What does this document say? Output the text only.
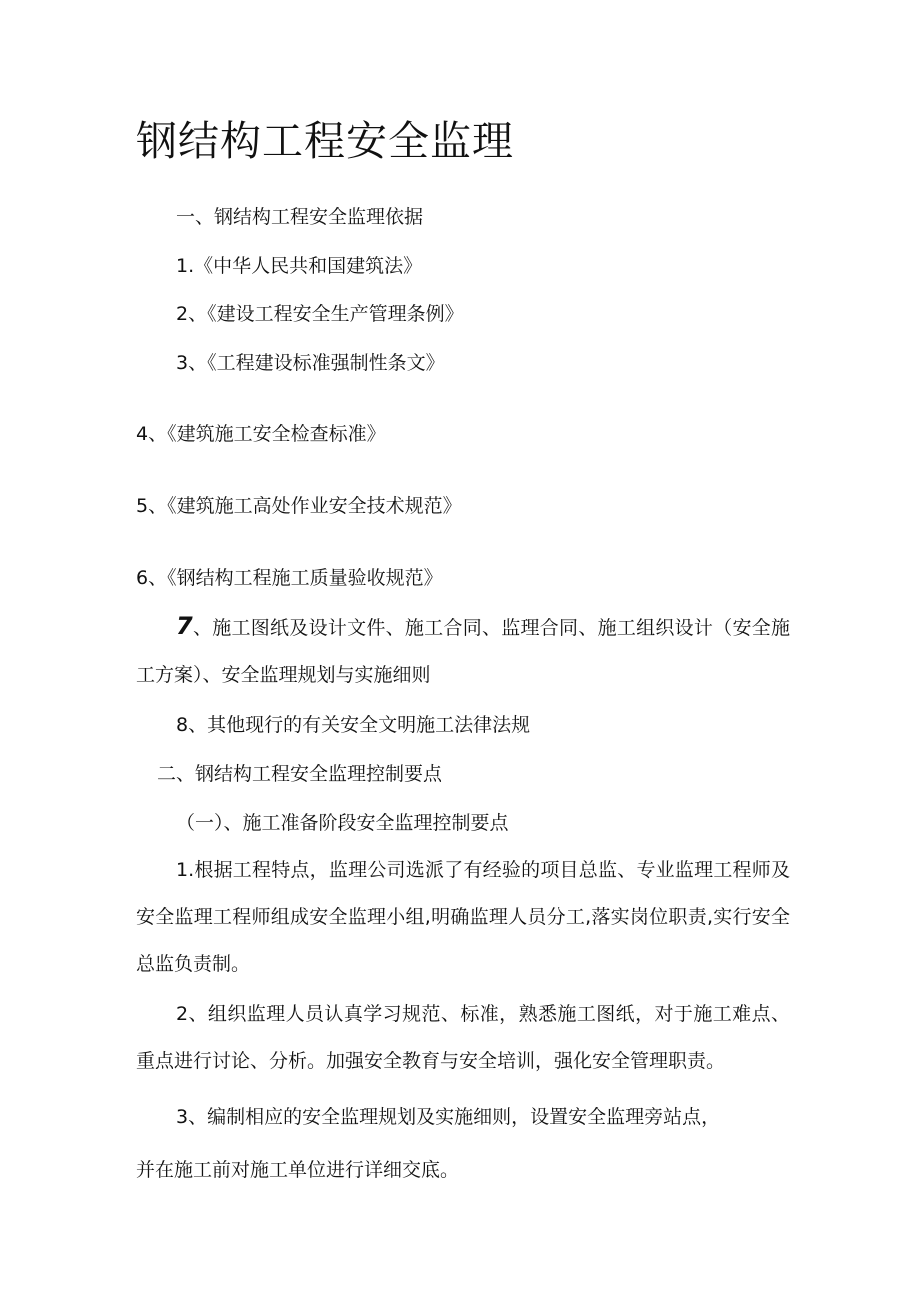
钢结构工程安全监理
一、钢结构工程安全监理依据
1.《中华人民共和国建筑法》
2、《建设工程安全生产管理条例》
3、《工程建设标准强制性条文》
4、《建筑施工安全检查标准》
5、《建筑施工高处作业安全技术规范》
6、《钢结构工程施工质量验收规范》
7、施工图纸及设计文件、施工合同、监理合同、施工组织设计（安全施工方案）、安全监理规划与实施细则
8、其他现行的有关安全文明施工法律法规
二、钢结构工程安全监理控制要点
（一）、施工准备阶段安全监理控制要点
1.根据工程特点，监理公司选派了有经验的项目总监、专业监理工程师及安全监理工程师组成安全监理小组,明确监理人员分工,落实岗位职责,实行安全总监负责制。
2、组织监理人员认真学习规范、标准，熟悉施工图纸，对于施工难点、重点进行讨论、分析。加强安全教育与安全培训，强化安全管理职责。
3、编制相应的安全监理规划及实施细则，设置安全监理旁站点，
并在施工前对施工单位进行详细交底。
